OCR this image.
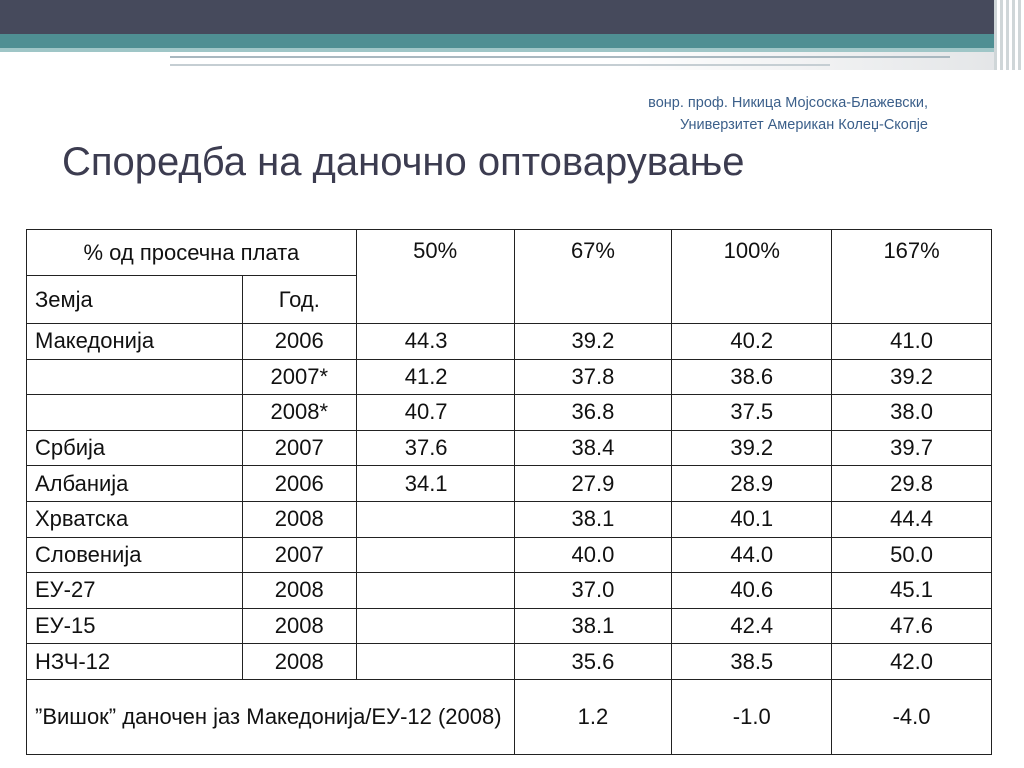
вонр. проф. Никица Мојсоска-Блажевски,
Универзитет Американ Колеџ-Скопје
Споредба на даночно оптоварување
% од просечна плата		50%	67%	100%	167%
Земја	Год.				
Македонија	2006	44.3	39.2	40.2	41.0
	2007*	41.2	37.8	38.6	39.2
	2008*	40.7	36.8	37.5	38.0
Србија	2007	37.6	38.4	39.2	39.7
Албанија	2006	34.1	27.9	28.9	29.8
Хрватска	2008		38.1	40.1	44.4
Словенија	2007		40.0	44.0	50.0
ЕУ-27	2008		37.0	40.6	45.1
ЕУ-15	2008		38.1	42.4	47.6
НЗЧ-12	2008		35.6	38.5	42.0
”Вишок” даночен јаз Македонија/ЕУ-12 (2008)			1.2	-1.0	-4.0
